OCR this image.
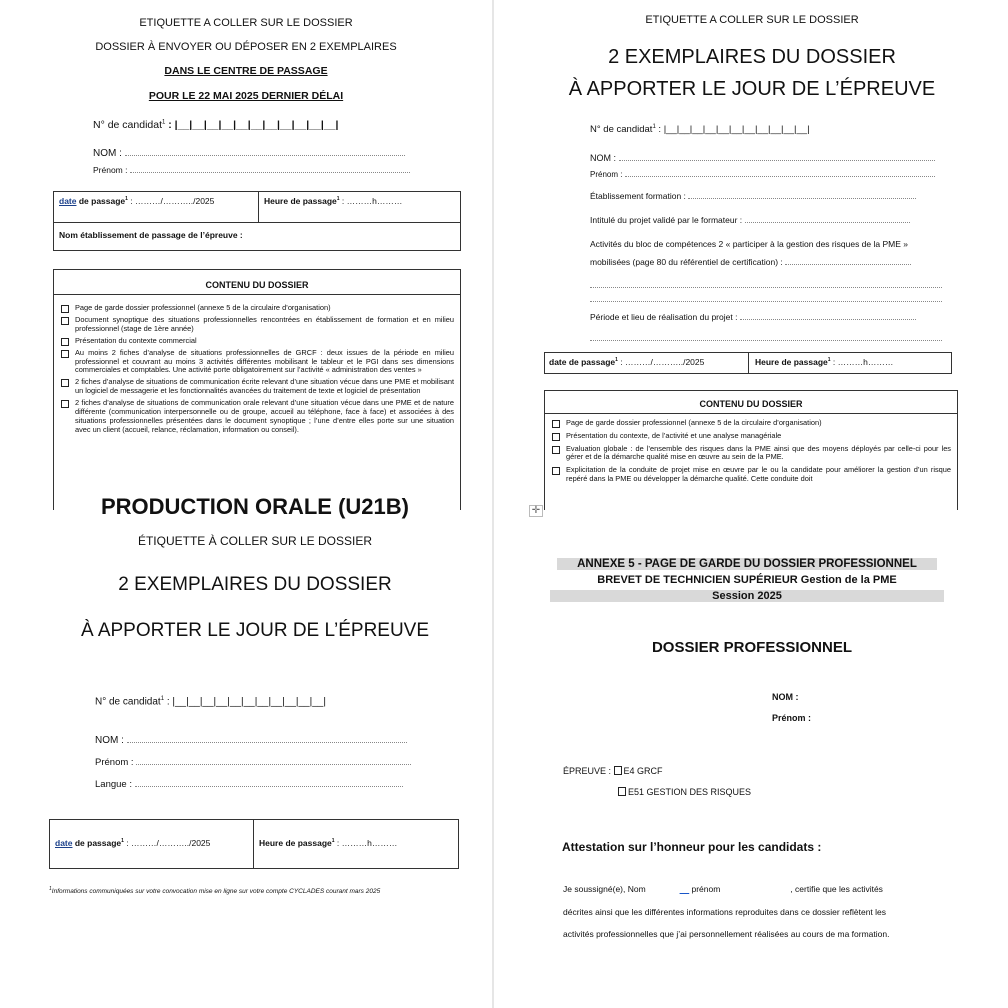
ETIQUETTE A COLLER SUR LE DOSSIER
DOSSIER À ENVOYER OU DÉPOSER EN 2 EXEMPLAIRES
DANS LE CENTRE DE PASSAGE
POUR LE 22 MAI 2025 DERNIER DÉLAI
N° de candidat$^1$ : |__|__|__|__|__|__|__|__|__|__|__|
NOM :
Prénom :
date de passage$^1$ : ………/………../2025	Heure de passage$^1$ : ………h………
Nom établissement de passage de l’épreuve :
CONTENU DU DOSSIER
Page de garde dossier professionnel (annexe 5 de la circulaire d’organisation)
Document synoptique des situations professionnelles rencontrées en établissement de formation et en milieu professionnel (stage de 1ère année)
Présentation du contexte commercial
Au moins 2 fiches d’analyse de situations professionnelles de GRCF : deux issues de la période en milieu professionnel et couvrant au moins 3 activités différentes mobilisant le tableur et le PGI dans ses dimensions commerciales et comptables. Une activité porte obligatoirement sur l’activité « administration des ventes »
2 fiches d’analyse de situations de communication écrite relevant d’une situation vécue dans une PME et mobilisant un logiciel de messagerie et les fonctionnalités avancées du traitement de texte et logiciel de présentation
2 fiches d’analyse de situations de communication orale relevant d’une situation vécue dans une PME et de nature différente (communication interpersonnelle ou de groupe, accueil au téléphone, face à face) et associées à des situations professionnelles présentées dans le document synoptique ; l’une d’entre elles porte sur une situation avec un client (accueil, relance, réclamation, information ou conseil).
ETIQUETTE A COLLER SUR LE DOSSIER
2 EXEMPLAIRES DU DOSSIER
À APPORTER LE JOUR DE L’ÉPREUVE
N° de candidat$^1$ : |__|__|__|__|__|__|__|__|__|__|__|
NOM :
Prénom :
Établissement formation :
Intitulé du projet validé par le formateur :
Activités du bloc de compétences 2 « participer à la gestion des risques de la PME »
mobilisées (page 80 du référentiel de certification) :
Période et lieu de réalisation du projet :
date de passage$^1$ : ………/………../2025	Heure de passage$^1$ : ………h………
CONTENU DU DOSSIER
Page de garde dossier professionnel (annexe 5 de la circulaire d’organisation)
Présentation du contexte, de l’activité et une analyse managériale
Evaluation globale : de l’ensemble des risques dans la PME ainsi que des moyens déployés par celle-ci pour les gérer et de la démarche qualité mise en œuvre au sein de la PME.
Explicitation de la conduite de projet mise en œuvre par le ou la candidate pour améliorer la gestion d’un risque repéré dans la PME ou développer la démarche qualité. Cette conduite doit
PRODUCTION ORALE (U21B)
ÉTIQUETTE À COLLER SUR LE DOSSIER
2 EXEMPLAIRES DU DOSSIER
À APPORTER LE JOUR DE L’ÉPREUVE
N° de candidat$^1$ : |__|__|__|__|__|__|__|__|__|__|__|
NOM :
Prénom :
Langue :
date de passage$^1$ : ………/………../2025	Heure de passage$^1$ : ………h………
$^1$Informations communiquées sur votre convocation mise en ligne sur votre compte CYCLADES courant mars 2025
✛
ANNEXE 5 - PAGE DE GARDE DU DOSSIER PROFESSIONNEL
BREVET DE TECHNICIEN SUPÉRIEUR Gestion de la PME
Session 2025
DOSSIER PROFESSIONNEL
NOM :
Prénom :
ÉPREUVE : E4 GRCF
E51 GESTION DES RISQUES
Attestation sur l’honneur pour les candidats :
Je soussigné(e), Nom	__ prénom	, certifie que les activités
décrites ainsi que les différentes informations reproduites dans ce dossier reflètent les
activités professionnelles que j’ai personnellement réalisées au cours de ma formation.
